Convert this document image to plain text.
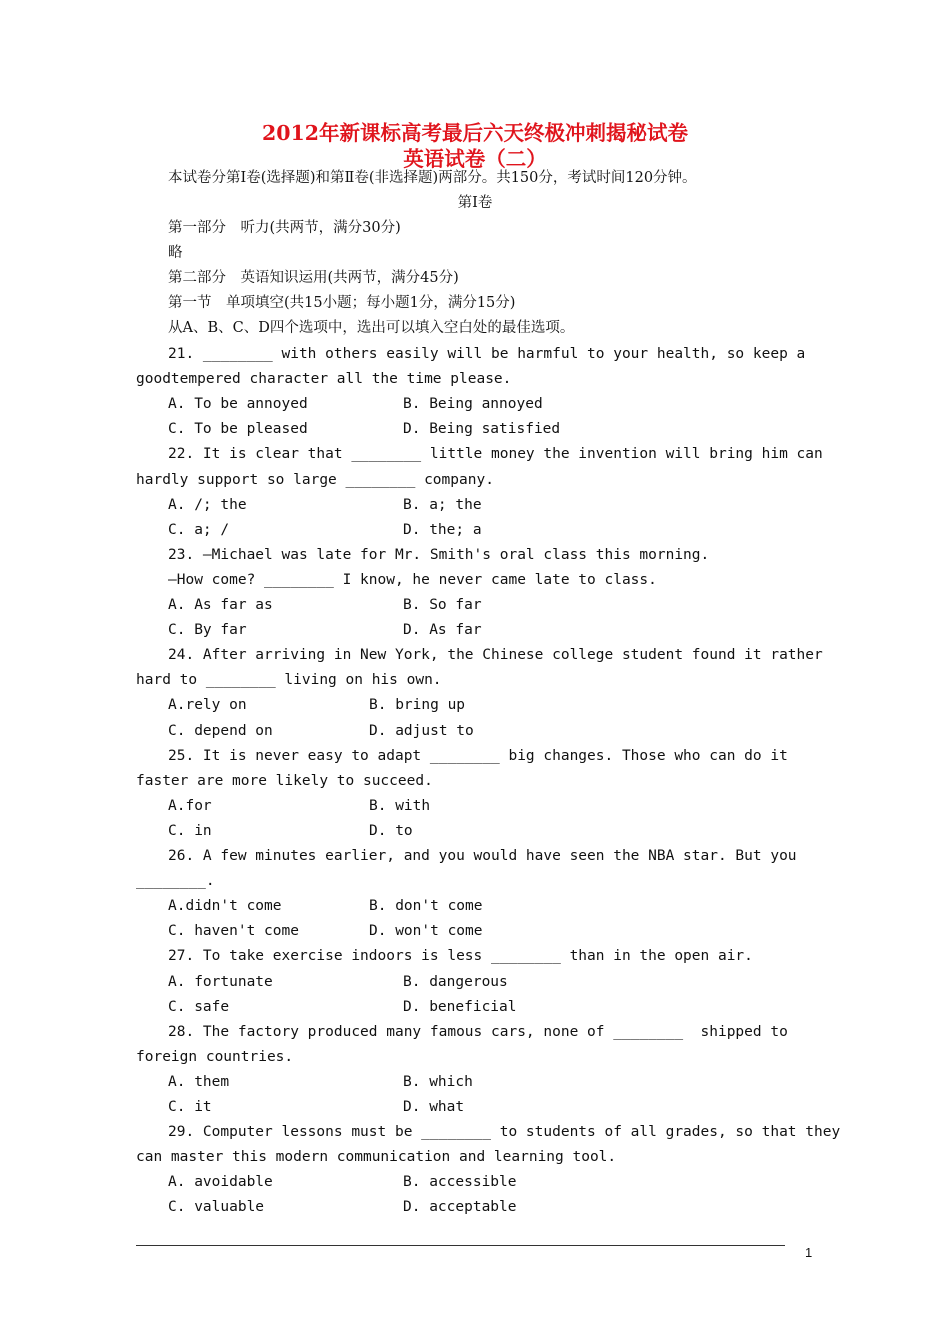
2012年新课标高考最后六天终极冲刺揭秘试卷
英语试卷（二）
本试卷分第Ⅰ卷(选择题)和第Ⅱ卷(非选择题)两部分。共150分，考试时间120分钟。
第Ⅰ卷
第一部分　听力(共两节，满分30分)
略
第二部分　英语知识运用(共两节，满分45分)
第一节　单项填空(共15小题；每小题1分，满分15分)
从A、B、C、D四个选项中，选出可以填入空白处的最佳选项。
21. ________ with others easily will be harmful to your health, so keep a
goodtempered character all the time please.
A. To be annoyed	B. Being annoyed
C. To be pleased	D. Being satisfied
22. It is clear that ________ little money the invention will bring him can
hardly support so large ________ company.
A. /; the	B. a; the
C. a; /	D. the; a
23. —Michael was late for Mr. Smith's oral class this morning.
—How come? ________ I know, he never came late to class.
A. As far as	B. So far
C. By far	D. As far
24. After arriving in New York, the Chinese college student found it rather
hard to ________ living on his own.
A.rely on	B. bring up
C. depend on	D. adjust to
25. It is never easy to adapt ________ big changes. Those who can do it
faster are more likely to succeed.
A.for	B. with
C. in	D. to
26. A few minutes earlier, and you would have seen the NBA star. But you
________.
A.didn't come	B. don't come
C. haven't come	D. won't come
27. To take exercise indoors is less ________ than in the open air.
A. fortunate	B. dangerous
C. safe	D. beneficial
28. The factory produced many famous cars, none of ________  shipped to
foreign countries.
A. them	B. which
C. it	D. what
29. Computer lessons must be ________ to students of all grades, so that they
can master this modern communication and learning tool.
A. avoidable	B. accessible
C. valuable	D. acceptable
1
